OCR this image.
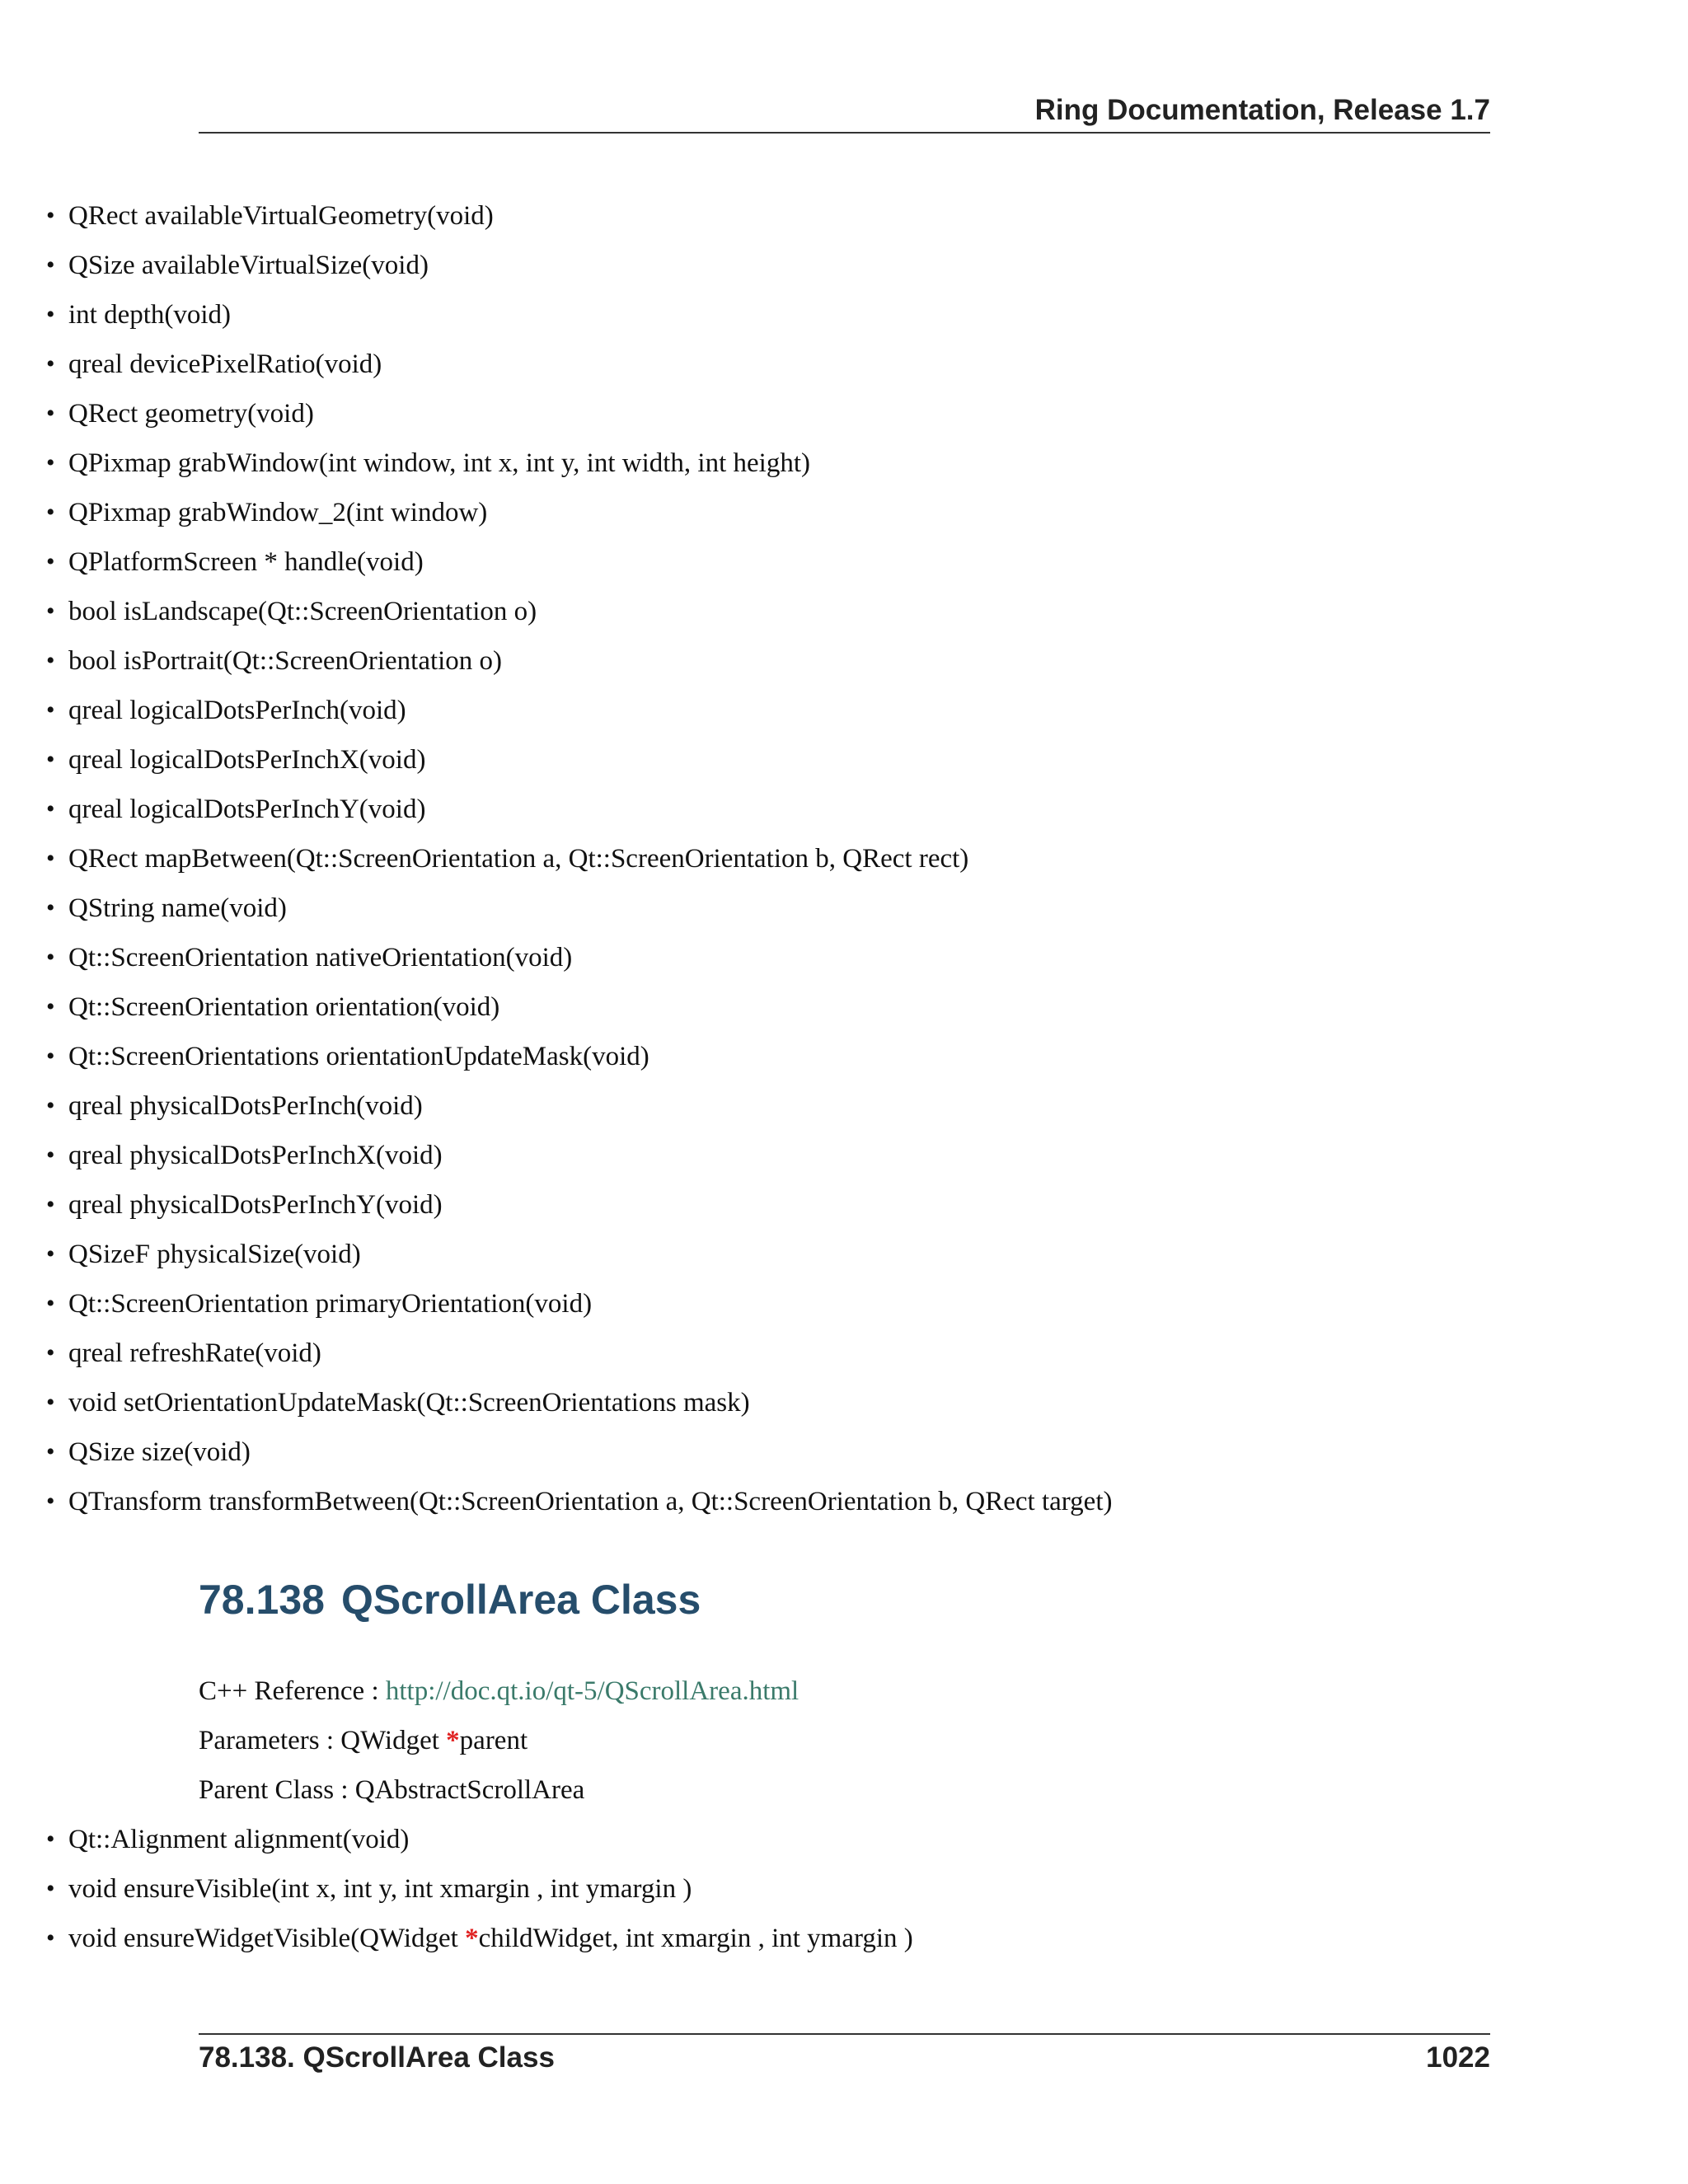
Ring Documentation, Release 1.7
• QRect availableVirtualGeometry(void)
• QSize availableVirtualSize(void)
• int depth(void)
• qreal devicePixelRatio(void)
• QRect geometry(void)
• QPixmap grabWindow(int window, int x, int y, int width, int height)
• QPixmap grabWindow_2(int window)
• QPlatformScreen * handle(void)
• bool isLandscape(Qt::ScreenOrientation o)
• bool isPortrait(Qt::ScreenOrientation o)
• qreal logicalDotsPerInch(void)
• qreal logicalDotsPerInchX(void)
• qreal logicalDotsPerInchY(void)
• QRect mapBetween(Qt::ScreenOrientation a, Qt::ScreenOrientation b, QRect rect)
• QString name(void)
• Qt::ScreenOrientation nativeOrientation(void)
• Qt::ScreenOrientation orientation(void)
• Qt::ScreenOrientations orientationUpdateMask(void)
• qreal physicalDotsPerInch(void)
• qreal physicalDotsPerInchX(void)
• qreal physicalDotsPerInchY(void)
• QSizeF physicalSize(void)
• Qt::ScreenOrientation primaryOrientation(void)
• qreal refreshRate(void)
• void setOrientationUpdateMask(Qt::ScreenOrientations mask)
• QSize size(void)
• QTransform transformBetween(Qt::ScreenOrientation a, Qt::ScreenOrientation b, QRect target)
78.138 QScrollArea Class
C++ Reference : http://doc.qt.io/qt-5/QScrollArea.html
Parameters : QWidget *parent
Parent Class : QAbstractScrollArea
• Qt::Alignment alignment(void)
• void ensureVisible(int x, int y, int xmargin , int ymargin )
• void ensureWidgetVisible(QWidget *childWidget, int xmargin , int ymargin )
78.138. QScrollArea Class	1022
